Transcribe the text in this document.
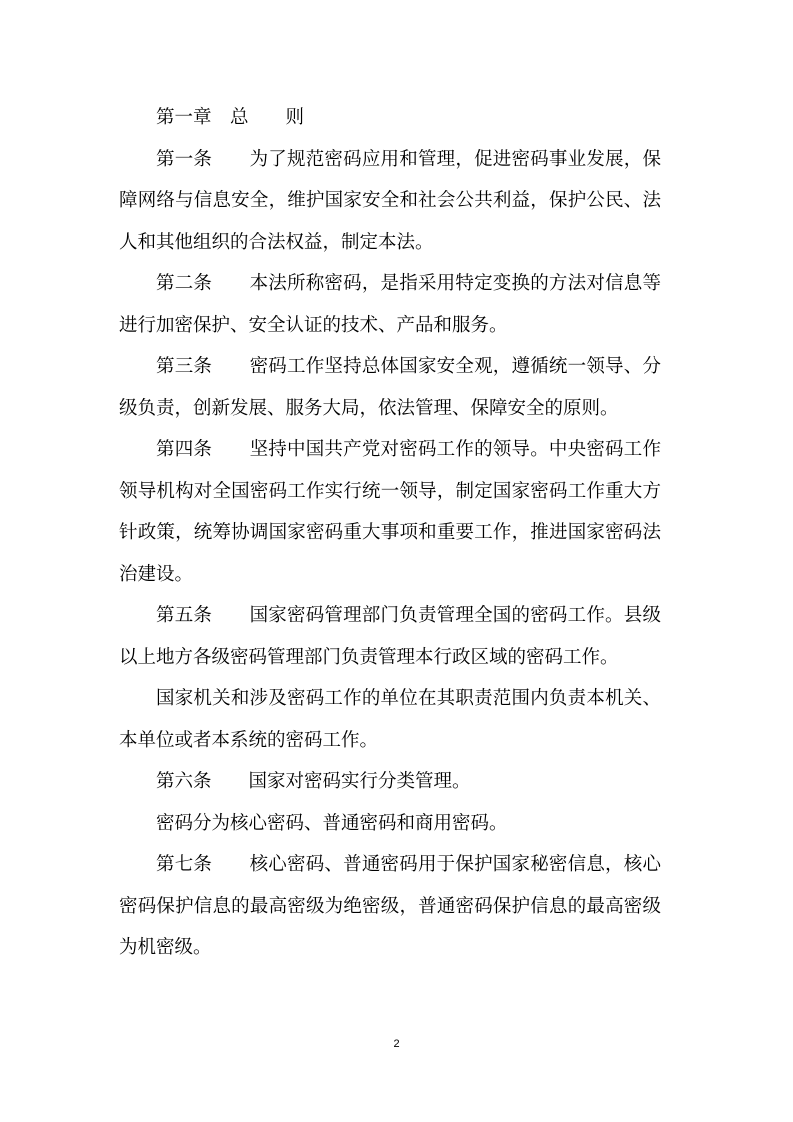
第一章　总　　则

第一条　　 为了规范密码应用和管理，促进密码事业发展，保障网络与信息安全，维护国家安全和社会公共利益，保护公民、法人和其他组织的合法权益，制定本法。

第二条　　 本法所称密码，是指采用特定变换的方法对信息等进行加密保护、安全认证的技术、产品和服务。

第三条　　 密码工作坚持总体国家安全观，遵循统一领导、分级负责，创新发展、服务大局，依法管理、保障安全的原则。

第四条　　 坚持中国共产党对密码工作的领导。中央密码工作领导机构对全国密码工作实行统一领导，制定国家密码工作重大方针政策，统筹协调国家密码重大事项和重要工作，推进国家密码法治建设。

第五条　　 国家密码管理部门负责管理全国的密码工作。县级以上地方各级密码管理部门负责管理本行政区域的密码工作。

国家机关和涉及密码工作的单位在其职责范围内负责本机关、本单位或者本系统的密码工作。

第六条　　 国家对密码实行分类管理。

密码分为核心密码、普通密码和商用密码。

第七条　　 核心密码、普通密码用于保护国家秘密信息，核心密码保护信息的最高密级为绝密级，普通密码保护信息的最高密级为机密级。

2
